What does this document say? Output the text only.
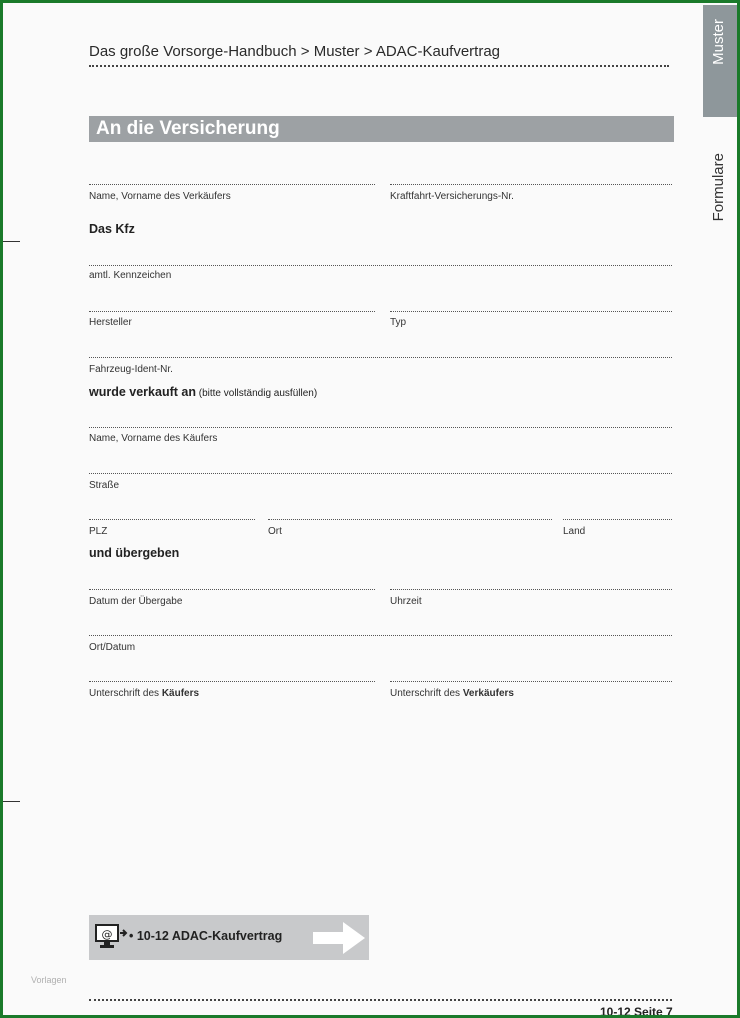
Das große Vorsorge-Handbuch > Muster > ADAC-Kaufvertrag	Muster
Formulare
An die Versicherung
Name, Vorname des Verkäufers	Kraftfahrt-Versicherungs-Nr.
Das Kfz
amtl. Kennzeichen
Hersteller	Typ
Fahrzeug-Ident-Nr.
wurde verkauft an (bitte vollständig ausfüllen)
Name, Vorname des Käufers
Straße
PLZ	Ort	Land
und übergeben
Datum der Übergabe	Uhrzeit
Ort/Datum
Unterschrift des Käufers	Unterschrift des Verkäufers
@ • 10-12 ADAC-Kaufvertrag
Vorlagen
10-12 Seite 7
